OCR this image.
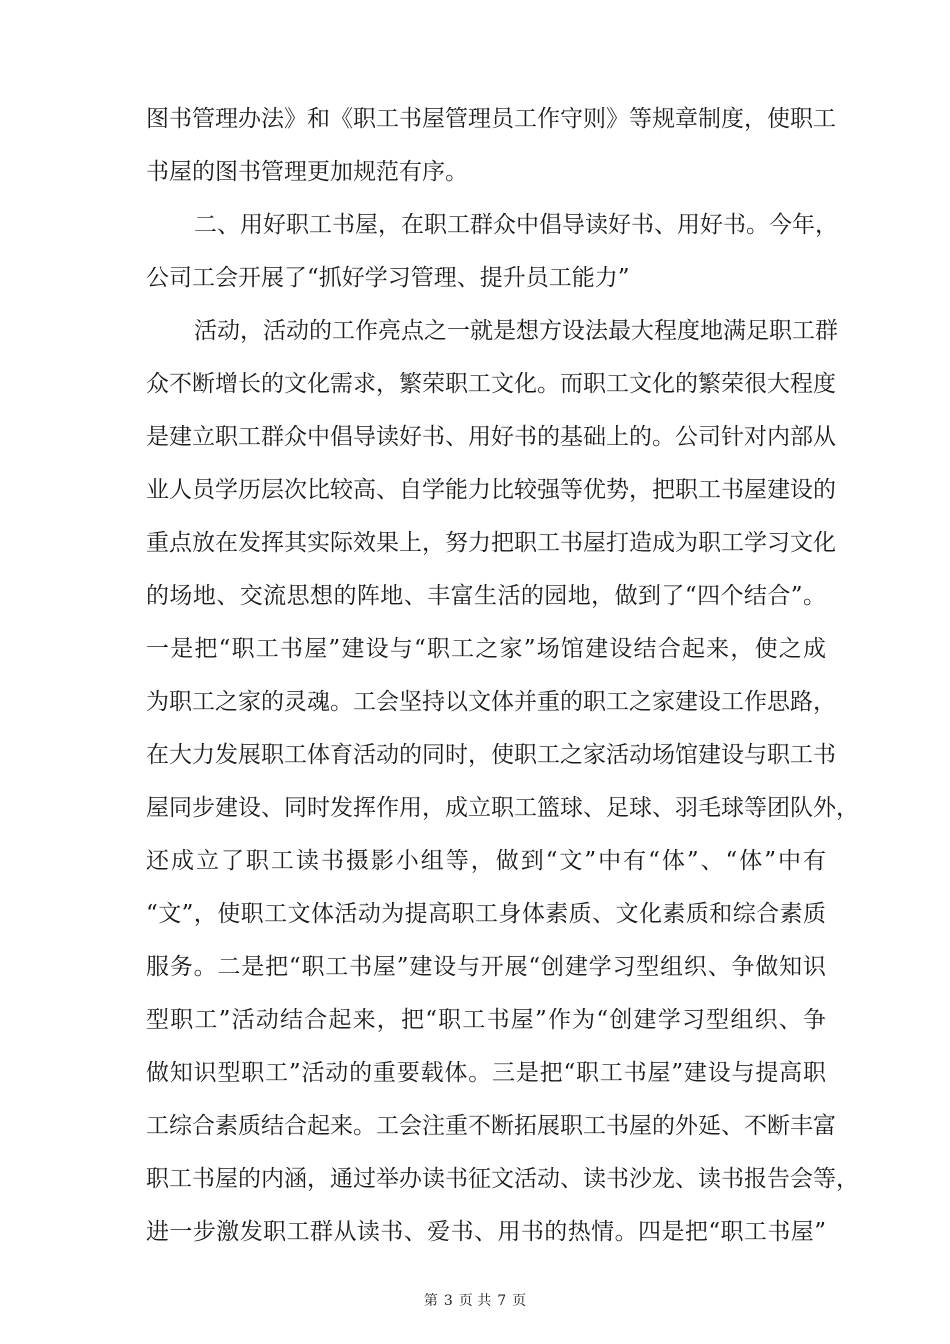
图书管理办法》和《职工书屋管理员工作守则》等规章制度，使职工
书屋的图书管理更加规范有序。
二、用好职工书屋，在职工群众中倡导读好书、用好书。今年，
公司工会开展了“抓好学习管理、提升员工能力”
活动，活动的工作亮点之一就是想方设法最大程度地满足职工群
众不断增长的文化需求，繁荣职工文化。而职工文化的繁荣很大程度
是建立职工群众中倡导读好书、用好书的基础上的。公司针对内部从
业人员学历层次比较高、自学能力比较强等优势，把职工书屋建设的
重点放在发挥其实际效果上，努力把职工书屋打造成为职工学习文化
的场地、交流思想的阵地、丰富生活的园地，做到了“四个结合”。
一是把“职工书屋”建设与“职工之家”场馆建设结合起来，使之成
为职工之家的灵魂。工会坚持以文体并重的职工之家建设工作思路，
在大力发展职工体育活动的同时，使职工之家活动场馆建设与职工书
屋同步建设、同时发挥作用，成立职工篮球、足球、羽毛球等团队外，
还成立了职工读书摄影小组等，做到“文”中有“体”、“体”中有
“文”，使职工文体活动为提高职工身体素质、文化素质和综合素质
服务。二是把“职工书屋”建设与开展“创建学习型组织、争做知识
型职工”活动结合起来，把“职工书屋”作为“创建学习型组织、争
做知识型职工”活动的重要载体。三是把“职工书屋”建设与提高职
工综合素质结合起来。工会注重不断拓展职工书屋的外延、不断丰富
职工书屋的内涵，通过举办读书征文活动、读书沙龙、读书报告会等，
进一步激发职工群从读书、爱书、用书的热情。四是把“职工书屋”
第 3 页 共 7 页
